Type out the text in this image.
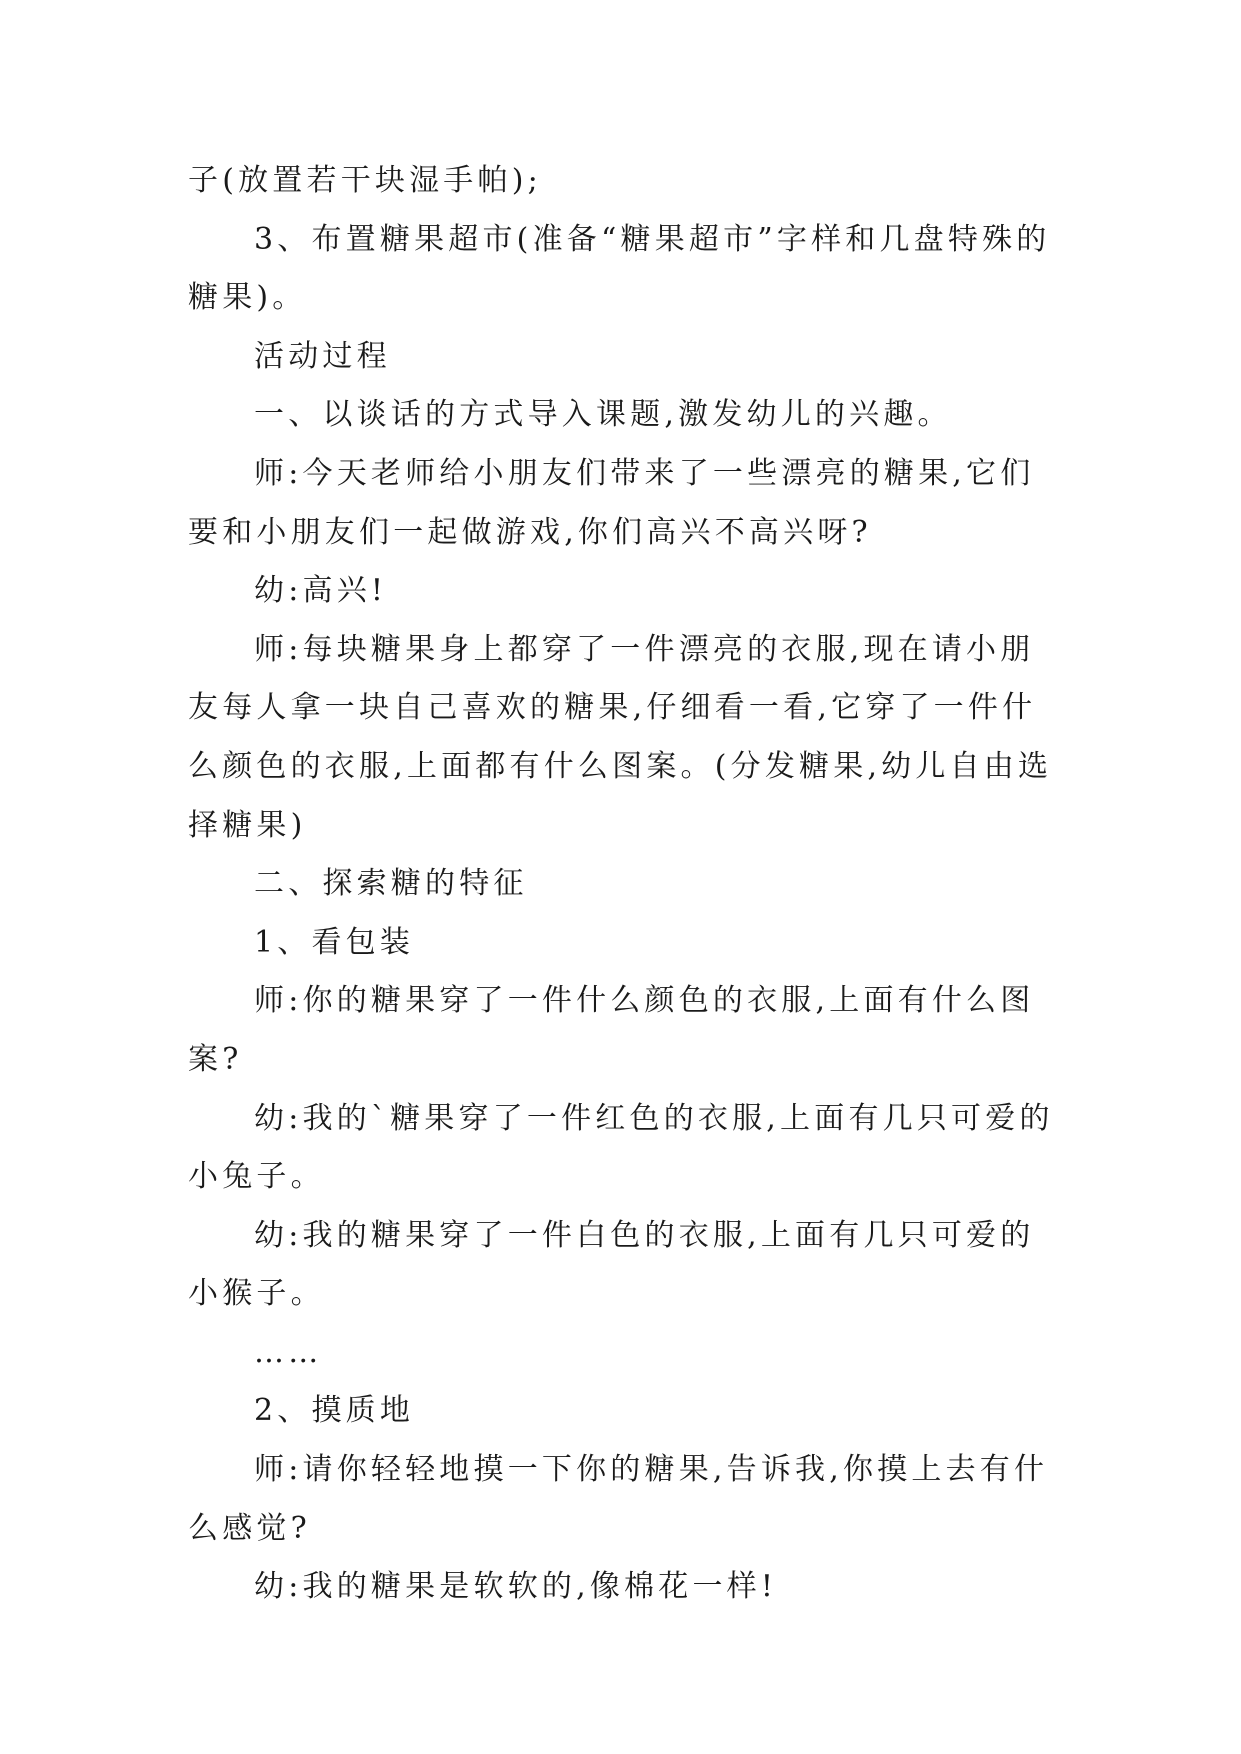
子(放置若干块湿手帕);

3、布置糖果超市(准备“糖果超市”字样和几盘特殊的糖果)。

活动过程

一、以谈话的方式导入课题,激发幼儿的兴趣。

师:今天老师给小朋友们带来了一些漂亮的糖果,它们要和小朋友们一起做游戏,你们高兴不高兴呀?

幼:高兴!

师:每块糖果身上都穿了一件漂亮的衣服,现在请小朋友每人拿一块自己喜欢的糖果,仔细看一看,它穿了一件什么颜色的衣服,上面都有什么图案。(分发糖果,幼儿自由选择糖果)

二、探索糖的特征

1、看包装

师:你的糖果穿了一件什么颜色的衣服,上面有什么图案?

幼:我的`糖果穿了一件红色的衣服,上面有几只可爱的小兔子。

幼:我的糖果穿了一件白色的衣服,上面有几只可爱的小猴子。

……

2、摸质地

师:请你轻轻地摸一下你的糖果,告诉我,你摸上去有什么感觉?

幼:我的糖果是软软的,像棉花一样!
